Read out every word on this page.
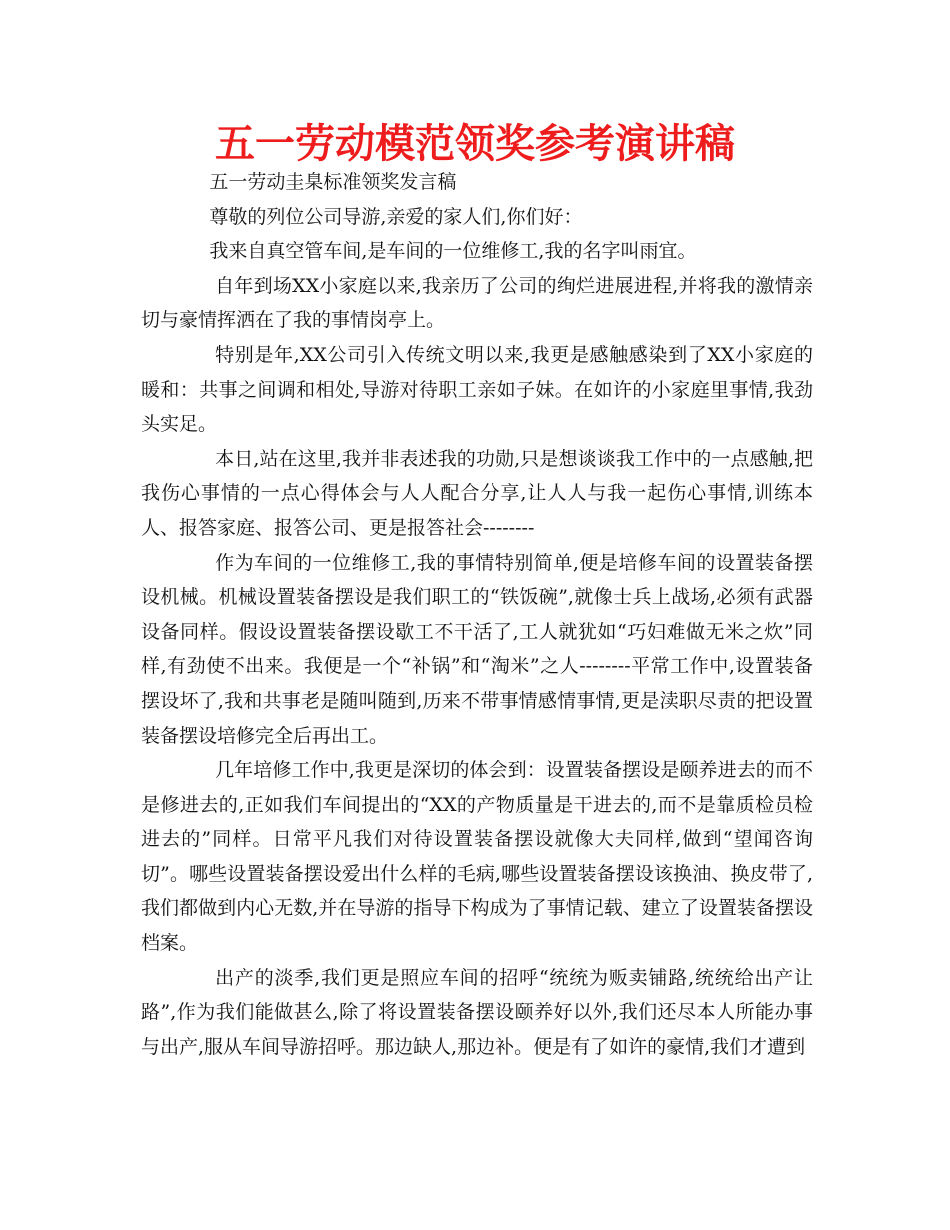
五一劳动模范领奖参考演讲稿

五一劳动圭臬标准领奖发言稿

尊敬的列位公司导游,亲爱的家人们,你们好：

我来自真空管车间,是车间的一位维修工,我的名字叫雨宜。

自年到场XX小家庭以来,我亲历了公司的绚烂进展进程,并将我的激情亲切与豪情挥洒在了我的事情岗亭上。

特别是年,XX公司引入传统文明以来,我更是感触感染到了XX小家庭的暖和：共事之间调和相处,导游对待职工亲如子妹。在如许的小家庭里事情,我劲头实足。

本日,站在这里,我并非表述我的功勋,只是想谈谈我工作中的一点感触,把我伤心事情的一点心得体会与人人配合分享,让人人与我一起伤心事情,训练本人、报答家庭、报答公司、更是报答社会--------

作为车间的一位维修工,我的事情特别简单,便是培修车间的设置装备摆设机械。机械设置装备摆设是我们职工的“铁饭碗”,就像士兵上战场,必须有武器设备同样。假设设置装备摆设歇工不干活了,工人就犹如“巧妇难做无米之炊”同样,有劲使不出来。我便是一个“补锅”和“淘米”之人--------平常工作中,设置装备摆设坏了,我和共事老是随叫随到,历来不带事情感情事情,更是渎职尽责的把设置装备摆设培修完全后再出工。

几年培修工作中,我更是深切的体会到：设置装备摆设是颐养进去的而不是修进去的,正如我们车间提出的“XX的产物质量是干进去的,而不是靠质检员检进去的”同样。日常平凡我们对待设置装备摆设就像大夫同样,做到“望闻咨询切”。哪些设置装备摆设爱出什么样的毛病,哪些设置装备摆设该换油、换皮带了,我们都做到内心无数,并在导游的指导下构成为了事情记载、建立了设置装备摆设档案。

出产的淡季,我们更是照应车间的招呼“统统为贩卖铺路,统统给出产让路”,作为我们能做甚么,除了将设置装备摆设颐养好以外,我们还尽本人所能办事与出产,服从车间导游招呼。那边缺人,那边补。便是有了如许的豪情,我们才遭到
